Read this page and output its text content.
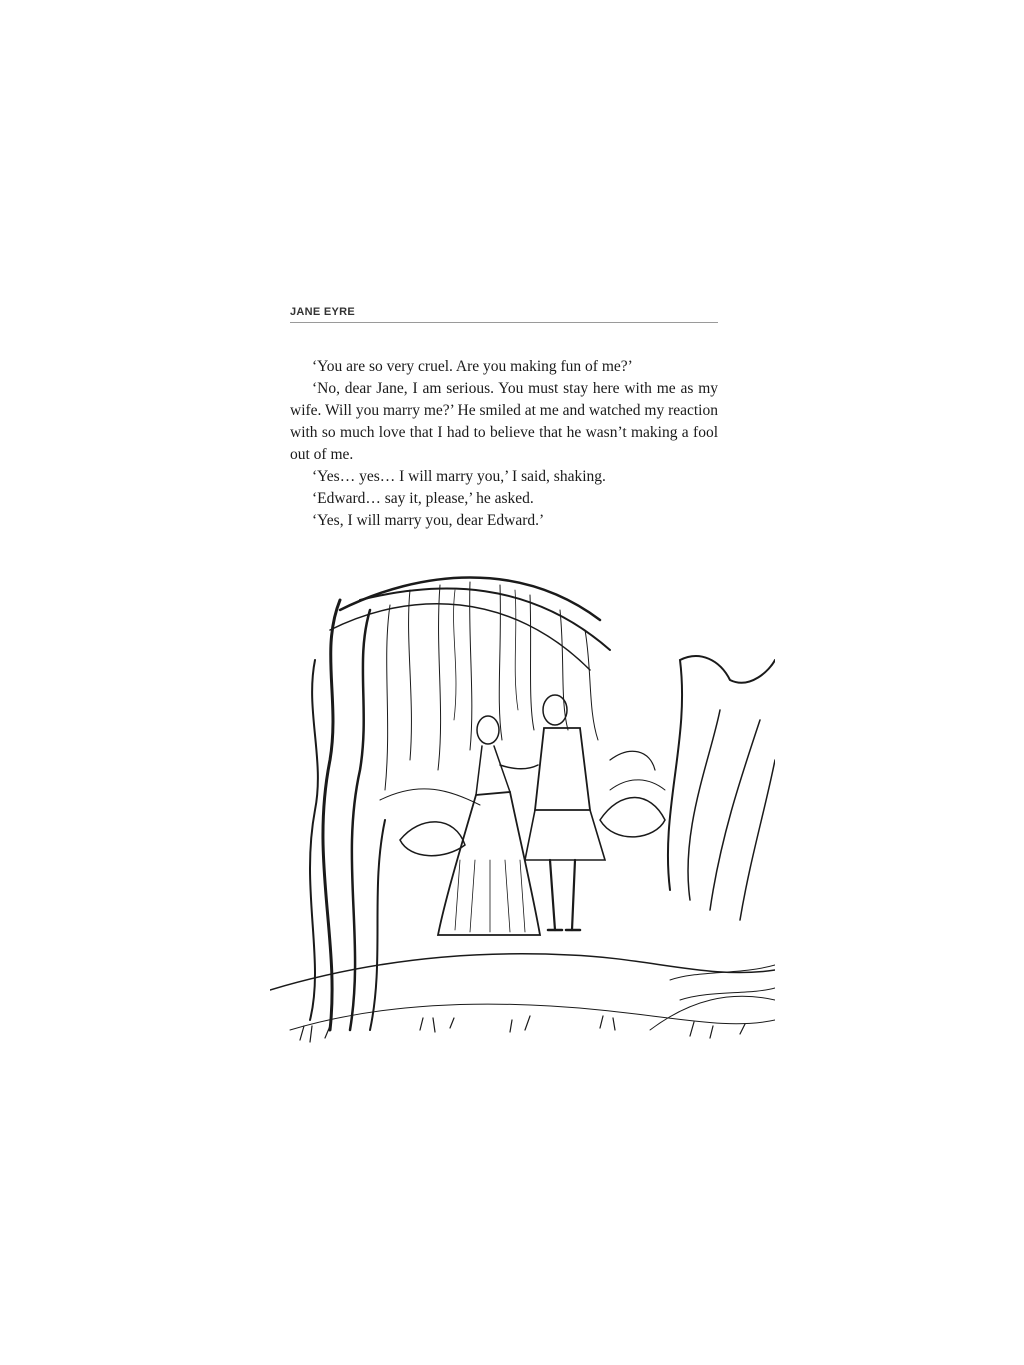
JANE EYRE

‘You are so very cruel. Are you making fun of me?’

‘No, dear Jane, I am serious. You must stay here with me as my wife. Will you marry me?’ He smiled at me and watched my reaction with so much love that I had to believe that he wasn’t making a fool out of me.

‘Yes… yes… I will marry you,’ I said, shaking.

‘Edward… say it, please,’ he asked.

‘Yes, I will marry you, dear Edward.’
